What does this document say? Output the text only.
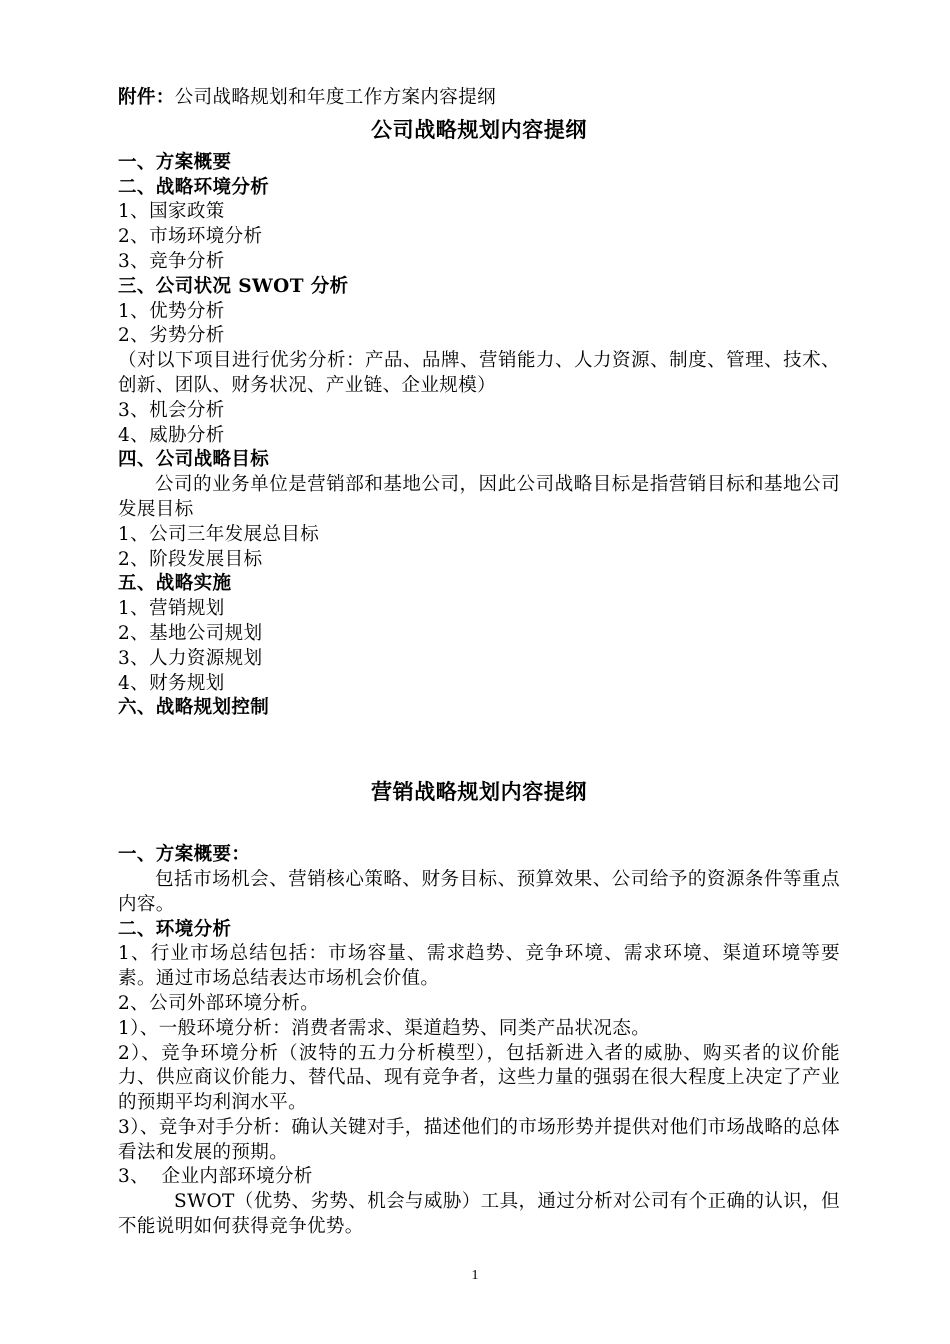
附件：公司战略规划和年度工作方案内容提纲
公司战略规划内容提纲
一、方案概要
二、战略环境分析
1、国家政策
2、市场环境分析
3、竞争分析
三、公司状况 SWOT 分析
1、优势分析
2、劣势分析
（对以下项目进行优劣分析：产品、品牌、营销能力、人力资源、制度、管理、技术、创新、团队、财务状况、产业链、企业规模）
3、机会分析
4、威胁分析
四、公司战略目标
公司的业务单位是营销部和基地公司，因此公司战略目标是指营销目标和基地公司发展目标
1、公司三年发展总目标
2、阶段发展目标
五、战略实施
1、营销规划
2、基地公司规划
3、人力资源规划
4、财务规划
六、战略规划控制
营销战略规划内容提纲
一、方案概要：
包括市场机会、营销核心策略、财务目标、预算效果、公司给予的资源条件等重点内容。
二、环境分析
1、行业市场总结包括：市场容量、需求趋势、竞争环境、需求环境、渠道环境等要素。通过市场总结表达市场机会价值。
2、公司外部环境分析。
1）、一般环境分析：消费者需求、渠道趋势、同类产品状况态。
2）、竞争环境分析（波特的五力分析模型），包括新进入者的威胁、购买者的议价能力、供应商议价能力、替代品、现有竞争者，这些力量的强弱在很大程度上决定了产业的预期平均利润水平。
3）、竞争对手分析：确认关键对手，描述他们的市场形势并提供对他们市场战略的总体看法和发展的预期。
3、  企业内部环境分析
SWOT（优势、劣势、机会与威胁）工具，通过分析对公司有个正确的认识，但不能说明如何获得竞争优势。
1
